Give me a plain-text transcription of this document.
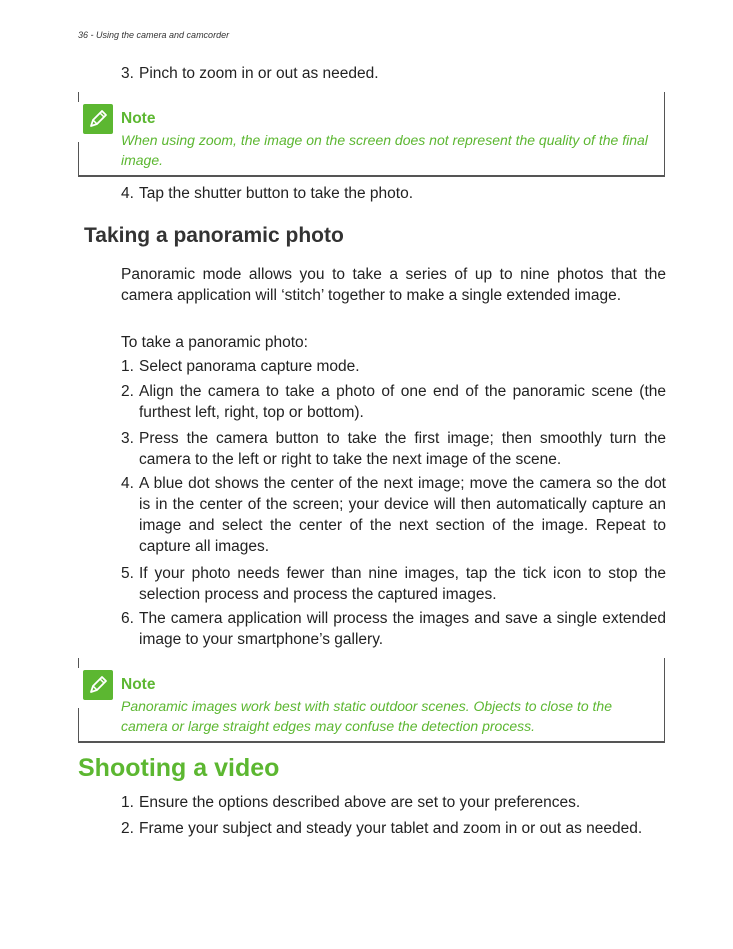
36 - Using the camera and camcorder
3. Pinch to zoom in or out as needed.
Note
When using zoom, the image on the screen does not represent the quality of the final image.
4. Tap the shutter button to take the photo.
Taking a panoramic photo
Panoramic mode allows you to take a series of up to nine photos that the camera application will ‘stitch’ together to make a single extended image.
To take a panoramic photo:
1. Select panorama capture mode.
2. Align the camera to take a photo of one end of the panoramic scene (the furthest left, right, top or bottom).
3. Press the camera button to take the first image; then smoothly turn the camera to the left or right to take the next image of the scene.
4. A blue dot shows the center of the next image; move the camera so the dot is in the center of the screen; your device will then automatically capture an image and select the center of the next section of the image. Repeat to capture all images.
5. If your photo needs fewer than nine images, tap the tick icon to stop the selection process and process the captured images.
6. The camera application will process the images and save a single extended image to your smartphone’s gallery.
Note
Panoramic images work best with static outdoor scenes. Objects to close to the camera or large straight edges may confuse the detection process.
Shooting a video
1. Ensure the options described above are set to your preferences.
2. Frame your subject and steady your tablet and zoom in or out as needed.
